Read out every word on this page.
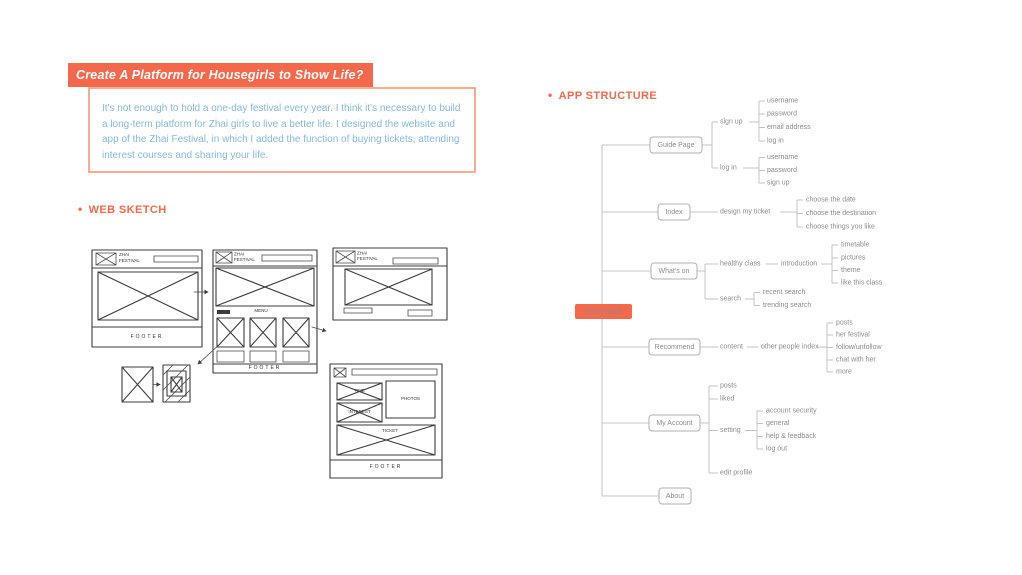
Create A Platform for Housegirls to Show Life?

It's not enough to hold a one-day festival every year. I think it's necessary to build a long-term platform for Zhai girls to live a better life. I designed the website and app of the Zhai Festival, in which I added the function of buying tickets, attending interest courses and sharing your life.

• WEB SKETCH
• APP STRUCTURE
ZHAI
FESTIVAL
FOOTER
ZHAI
FESTIVAL
MENU
FOOTER
ZHAI
FESTIVAL
TIME
PHOTOS
INTEREST
TICKET
FOOTER
Guide Page
Index
What's on
Recommend
My Account
About
zhai festival
sign up
username
password
email address
log in
log in
username
password
sign up
design my ticket
choose the date
choose the destination
choose things you like
healthy class	introduction
timetable
pictures
theme
like this class
search
recent search
trending search
content	other people index
posts
her festival
follow/unfollow
chat with her
more
posts
liked
setting
account security
general
help & feedback
log out
edit profile
